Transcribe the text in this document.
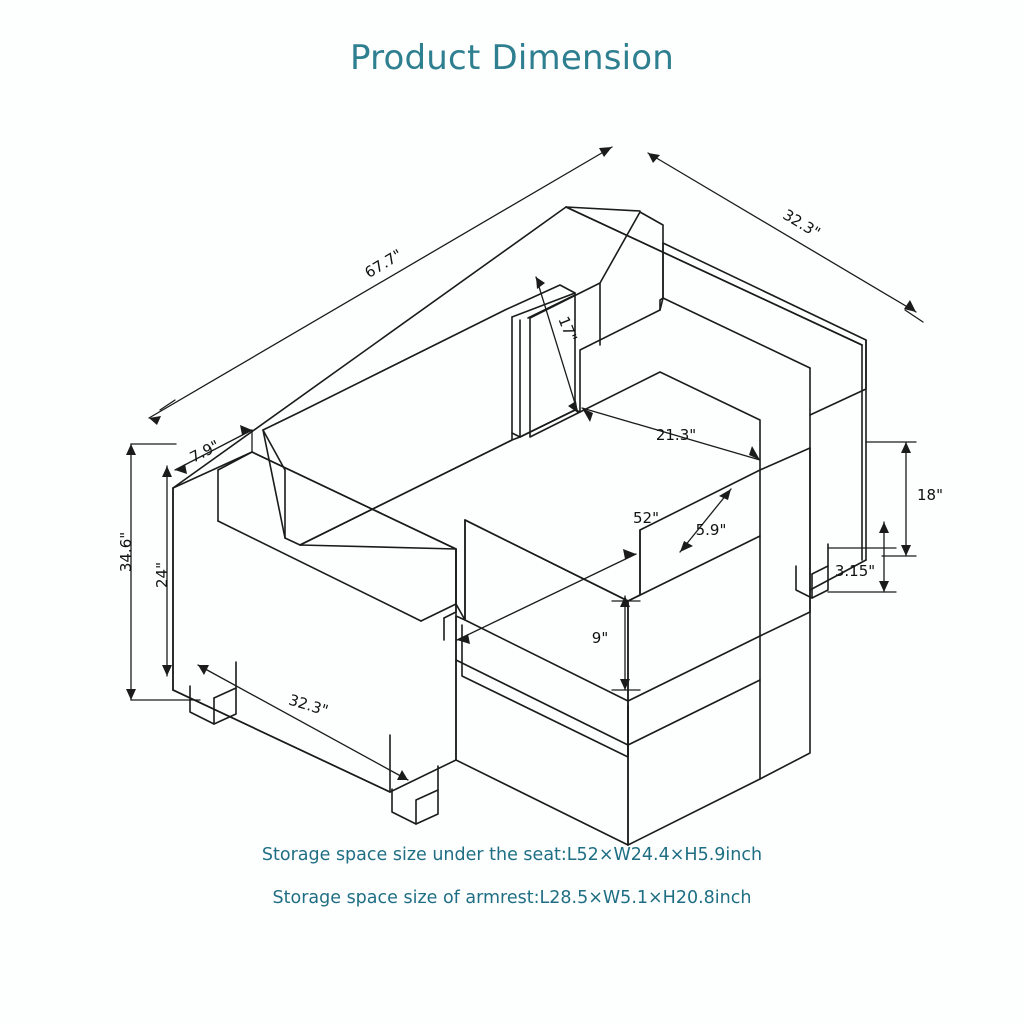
Product Dimension
67.7"
32.3"
17"
21.3"
7.9"
52"
5.9"
18"
3.15"
34.6"
24"
9"
32.3"
Storage space size under the seat:L52×W24.4×H5.9inch
Storage space size of armrest:L28.5×W5.1×H20.8inch
